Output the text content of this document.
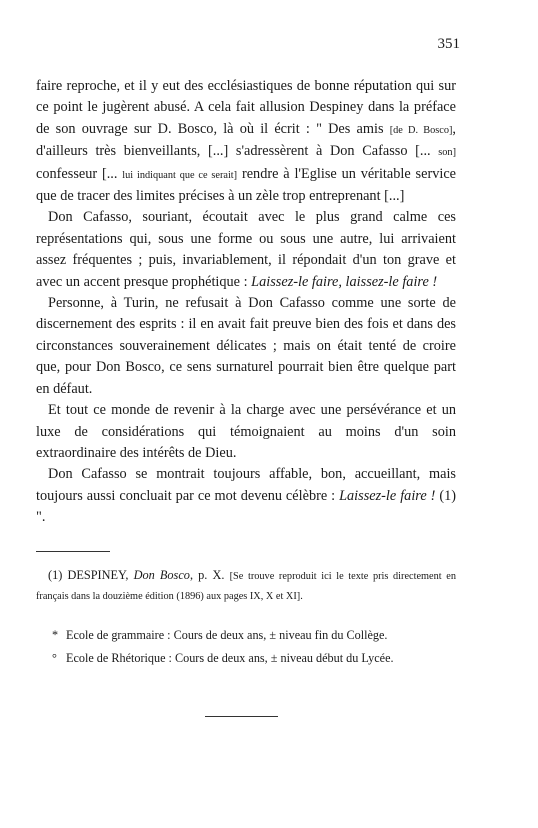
351

faire reproche, et il y eut des ecclésiastiques de bonne réputation qui sur ce point le jugèrent abusé. A cela fait allusion Despiney dans la préface de son ouvrage sur D. Bosco, là où il écrit : " Des amis [de D. Bosco], d'ailleurs très bienveillants, [...] s'adressèrent à Don Cafasso [... son] confesseur [... lui indiquant que ce serait] rendre à l'Eglise un véritable service que de tracer des limites précises à un zèle trop entreprenant [...]

Don Cafasso, souriant, écoutait avec le plus grand calme ces représentations qui, sous une forme ou sous une autre, lui arrivaient assez fréquentes ; puis, invariablement, il répondait d'un ton grave et avec un accent presque prophétique : Laissez-le faire, laissez-le faire !

Personne, à Turin, ne refusait à Don Cafasso comme une sorte de discernement des esprits : il en avait fait preuve bien des fois et dans des circonstances souverainement délicates ; mais on était tenté de croire que, pour Don Bosco, ce sens surnaturel pourrait bien être quelque part en défaut.

Et tout ce monde de revenir à la charge avec une persévérance et un luxe de considérations qui témoignaient au moins d'un soin extraordinaire des intérêts de Dieu.

Don Cafasso se montrait toujours affable, bon, accueillant, mais toujours aussi concluait par ce mot devenu célèbre : Laissez-le faire ! (1) ".

(1) DESPINEY, Don Bosco, p. X. [Se trouve reproduit ici le texte pris directement en français dans la douzième édition (1896) aux pages IX, X et XI].
* Ecole de grammaire : Cours de deux ans, ± niveau fin du Collège.
° Ecole de Rhétorique : Cours de deux ans, ± niveau début du Lycée.
